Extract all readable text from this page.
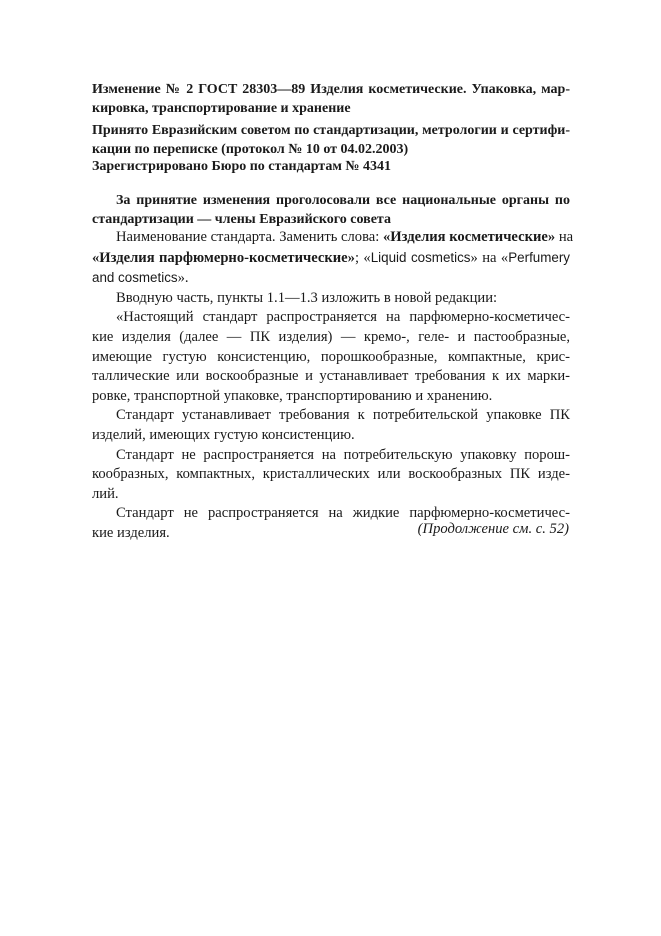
Изменение № 2 ГОСТ 28303—89 Изделия косметические. Упаковка, мар-
кировка, транспортирование и хранение
Принято Евразийским советом по стандартизации, метрологии и сертифи-
кации по переписке (протокол № 10 от 04.02.2003)
Зарегистрировано Бюро по стандартам № 4341
За принятие изменения проголосовали все национальные органы по
стандартизации — члены Евразийского совета
Наименование стандарта. Заменить слова: «Изделия косметические» на
«Изделия парфюмерно-косметические»; «Liquid cosmetics» на «Perfumery
and cosmetics».
Вводную часть, пункты 1.1—1.3 изложить в новой редакции:
«Настоящий стандарт распространяется на парфюмерно-косметичес-
кие изделия (далее — ПК изделия) — кремо-, геле- и пастообразные,
имеющие густую консистенцию, порошкообразные, компактные, крис-
таллические или воскообразные и устанавливает требования к их марки-
ровке, транспортной упаковке, транспортированию и хранению.
Стандарт устанавливает требования к потребительской упаковке ПК
изделий, имеющих густую консистенцию.
Стандарт не распространяется на потребительскую упаковку порош-
кообразных, компактных, кристаллических или воскообразных ПК изде-
лий.
Стандарт не распространяется на жидкие парфюмерно-косметичес-
кие изделия.	(Продолжение см. с. 52)
